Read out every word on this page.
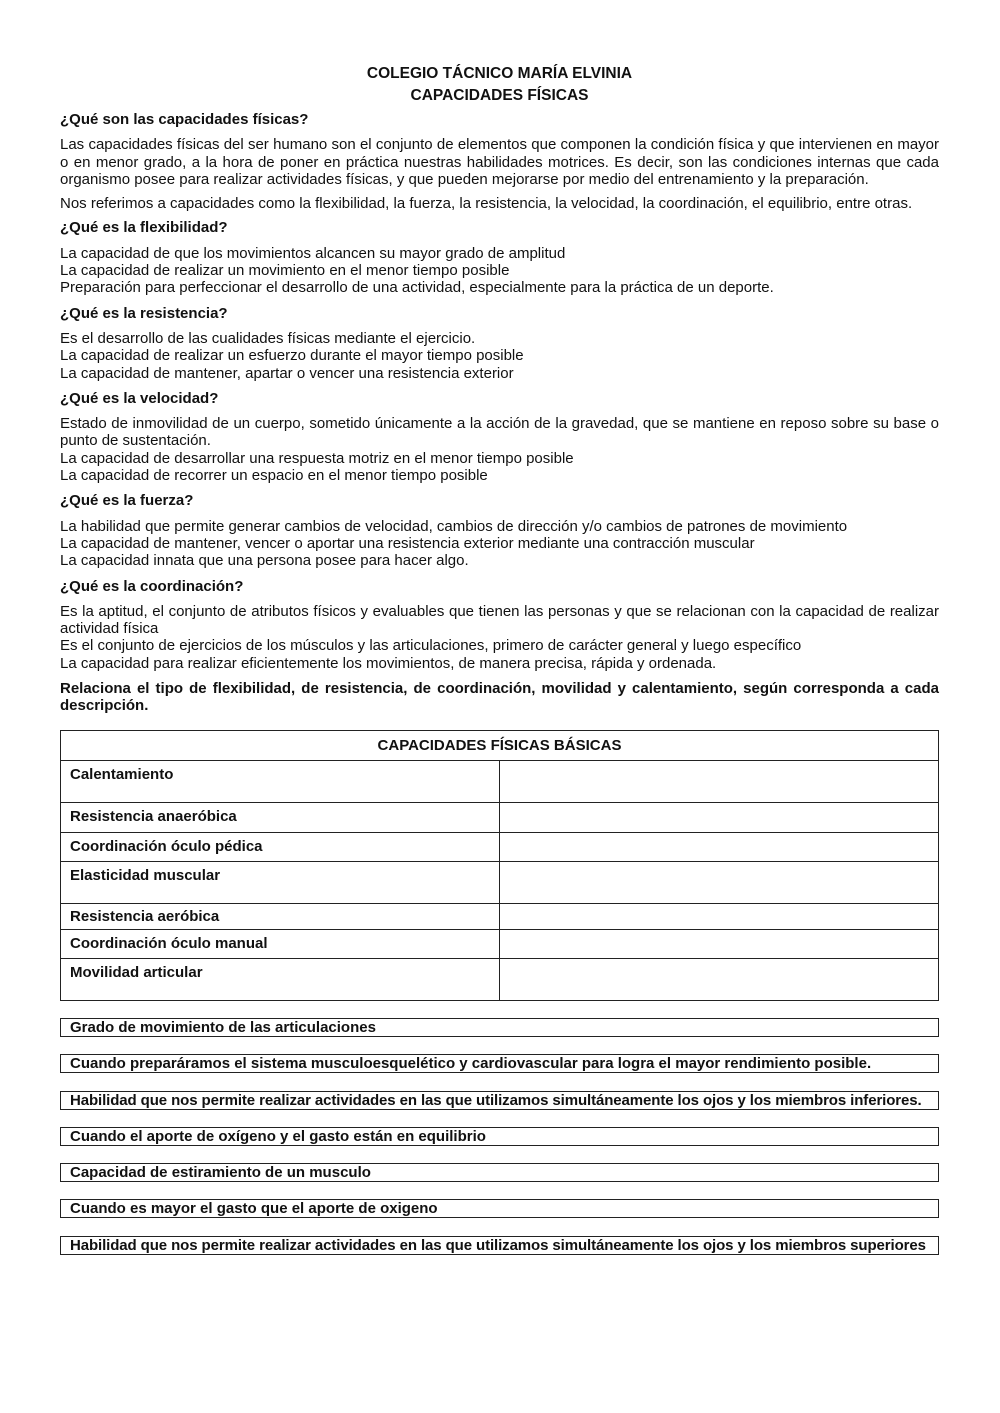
COLEGIO TÁCNICO MARÍA ELVINIA
CAPACIDADES FÍSICAS
¿Qué son las capacidades físicas?
Las capacidades físicas del ser humano son el conjunto de elementos que componen la condición física y que intervienen en mayor o en menor grado, a la hora de poner en práctica nuestras habilidades motrices. Es decir, son las condiciones internas que cada organismo posee para realizar actividades físicas, y que pueden mejorarse por medio del entrenamiento y la preparación.
Nos referimos a capacidades como la flexibilidad, la fuerza, la resistencia, la velocidad, la coordinación, el equilibrio, entre otras.
¿Qué es la flexibilidad?
La capacidad de que los movimientos alcancen su mayor grado de amplitud
La capacidad de realizar un movimiento en el menor tiempo posible
Preparación para perfeccionar el desarrollo de una actividad, especialmente para la práctica de un deporte.
¿Qué es la resistencia?
Es el desarrollo de las cualidades físicas mediante el ejercicio.
La capacidad de realizar un esfuerzo durante el mayor tiempo posible
La capacidad de mantener, apartar o vencer una resistencia exterior
¿Qué es la velocidad?
Estado de inmovilidad de un cuerpo, sometido únicamente a la acción de la gravedad, que se mantiene en reposo sobre su base o punto de sustentación.
La capacidad de desarrollar una respuesta motriz en el menor tiempo posible
La capacidad de recorrer un espacio en el menor tiempo posible
¿Qué es la fuerza?
La habilidad que permite generar cambios de velocidad, cambios de dirección y/o cambios de patrones de movimiento
La capacidad de mantener, vencer o aportar una resistencia exterior mediante una contracción muscular
La capacidad innata que una persona posee para hacer algo.
¿Qué es la coordinación?
Es la aptitud, el conjunto de atributos físicos y evaluables que tienen las personas y que se relacionan con la capacidad de realizar actividad física
Es el conjunto de ejercicios de los músculos y las articulaciones, primero de carácter general y luego específico
La capacidad para realizar eficientemente los movimientos, de manera precisa, rápida y ordenada.
Relaciona el tipo de flexibilidad, de resistencia, de coordinación, movilidad y calentamiento, según corresponda a cada descripción.
CAPACIDADES FÍSICAS BÁSICAS	
Calentamiento	
Resistencia anaeróbica	
Coordinación óculo pédica	
Elasticidad muscular	
Resistencia aeróbica	
Coordinación óculo manual	
Movilidad articular	
Grado de movimiento de las articulaciones
Cuando preparáramos el sistema musculoesquelético y cardiovascular para logra el mayor rendimiento posible.
Habilidad que nos permite realizar actividades en las que utilizamos simultáneamente los ojos y los miembros inferiores.
Cuando el aporte de oxígeno y el gasto están en equilibrio
Capacidad de estiramiento de un musculo
Cuando es mayor el gasto que el aporte de oxigeno
Habilidad que nos permite realizar actividades en las que utilizamos simultáneamente los ojos y los miembros superiores
